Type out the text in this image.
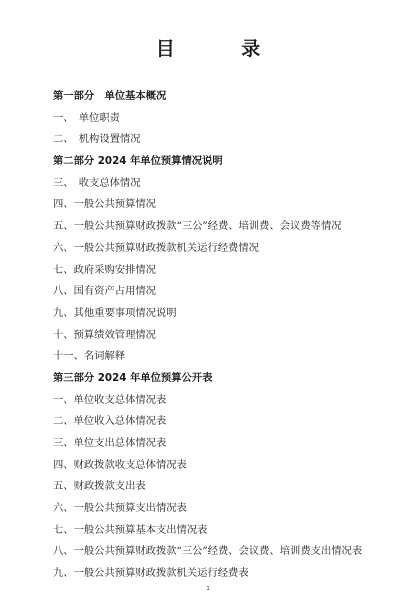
目 录
第一部分　单位基本概况
一、　单位职责
二、　机构设置情况
第二部分 2024 年单位预算情况说明
三、　收支总体情况
四、一般公共预算情况
五、一般公共预算财政拨款“三公”经费、培训费、会议费等情况
六、一般公共预算财政拨款机关运行经费情况
七、政府采购安排情况
八、国有资产占用情况
九、其他重要事项情况说明
十、预算绩效管理情况
十一、名词解释
第三部分 2024 年单位预算公开表
一、单位收支总体情况表
二、单位收入总体情况表
三、单位支出总体情况表
四、财政拨款收支总体情况表
五、财政拨款支出表
六、一般公共预算支出情况表
七、一般公共预算基本支出情况表
八、一般公共预算财政拨款“三公”经费、会议费、培训费支出情况表
九、一般公共预算财政拨款机关运行经费表
1
